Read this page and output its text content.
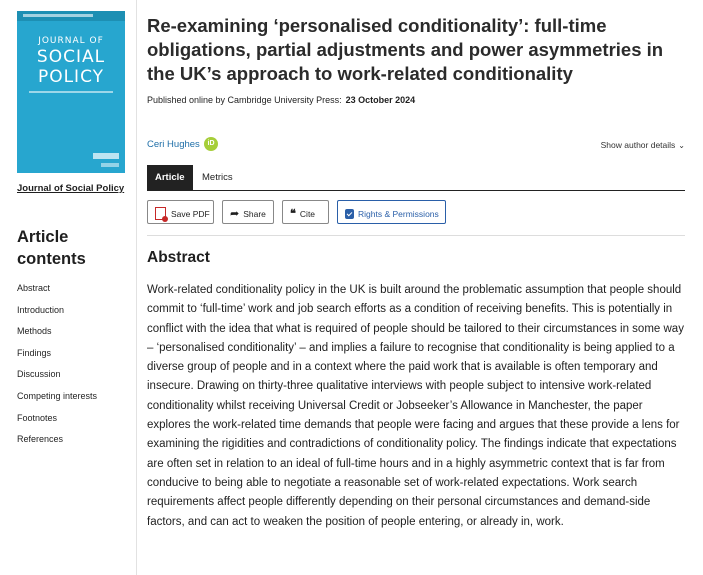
JOURNAL OF
SOCIAL
POLICY
Journal of Social Policy
Article contents
Abstract
Introduction
Methods
Findings
Discussion
Competing interests
Footnotes
References
Re-examining ‘personalised conditionality’: full-time obligations, partial adjustments and power asymmetries in the UK’s approach to work-related conditionality
Published online by Cambridge University Press: 23 October 2024
Ceri Hughes	iD	Show author details ⌄
Article	Metrics
Save PDF	➦ Share	❝ Cite	Rights & Permissions
Abstract

Work-related conditionality policy in the UK is built around the problematic assumption that people should commit to ‘full-time’ work and job search efforts as a condition of receiving benefits. This is potentially in conflict with the idea that what is required of people should be tailored to their circumstances in some way – ‘personalised conditionality’ – and implies a failure to recognise that conditionality is being applied to a diverse group of people and in a context where the paid work that is available is often temporary and insecure. Drawing on thirty-three qualitative interviews with people subject to intensive work-related conditionality whilst receiving Universal Credit or Jobseeker’s Allowance in Manchester, the paper explores the work-related time demands that people were facing and argues that these provide a lens for examining the rigidities and contradictions of conditionality policy. The findings indicate that expectations are often set in relation to an ideal of full-time hours and in a highly asymmetric context that is far from conducive to being able to negotiate a reasonable set of work-related expectations. Work search requirements affect people differently depending on their personal circumstances and demand-side factors, and can act to weaken the position of people entering, or already in, work.
